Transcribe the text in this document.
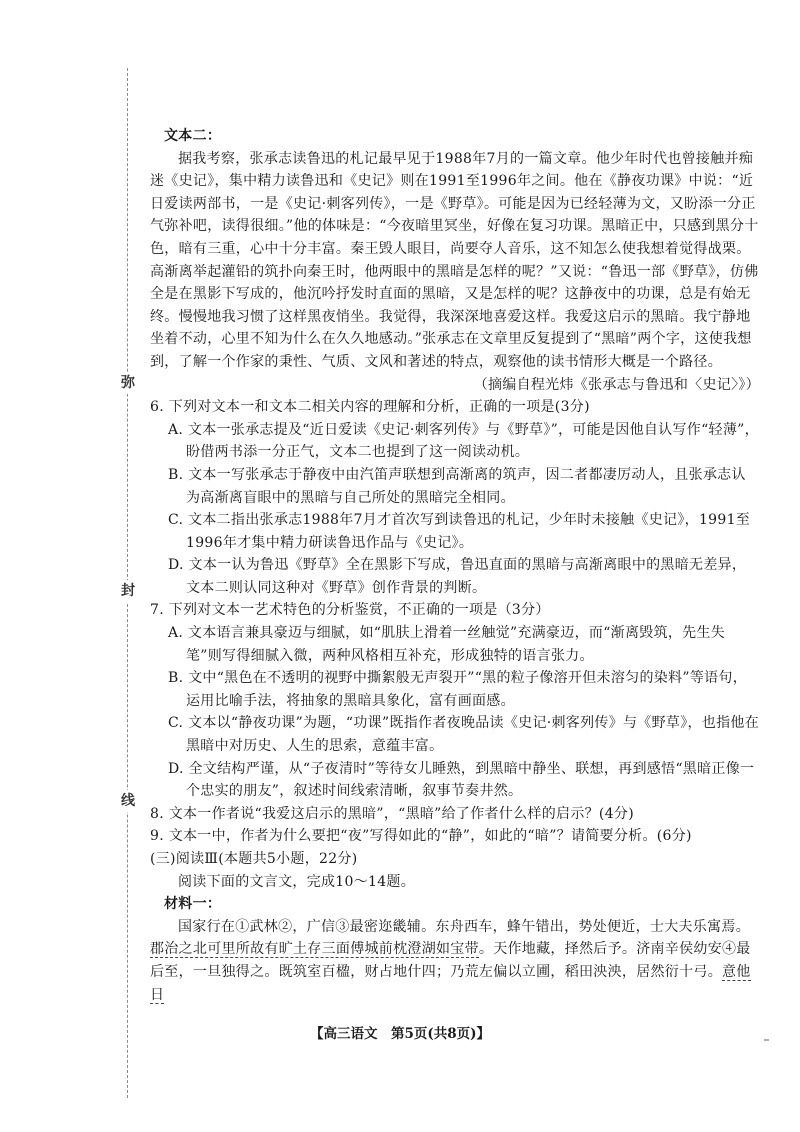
弥
封
线

文本二：

据我考察，张承志读鲁迅的札记最早见于1988年7月的一篇文章。他少年时代也曾接触并痴迷《史记》，集中精力读鲁迅和《史记》则在1991至1996年之间。他在《静夜功课》中说：“近日爱读两部书，一是《史记·刺客列传》，一是《野草》。可能是因为已经轻薄为文，又盼添一分正气弥补吧，读得很细。”他的体味是：“今夜暗里冥坐，好像在复习功课。黑暗正中，只感到黑分十色，暗有三重，心中十分丰富。秦王毁人眼目，尚要夺人音乐，这不知怎么使我想着觉得战栗。高渐离举起灌铅的筑扑向秦王时，他两眼中的黑暗是怎样的呢？”又说：“鲁迅一部《野草》，仿佛全是在黑影下写成的，他沉吟抒发时直面的黑暗，又是怎样的呢？这静夜中的功课，总是有始无终。慢慢地我习惯了这样黑夜悄坐。我觉得，我深深地喜爱这样。我爱这启示的黑暗。我宁静地坐着不动，心里不知为什么在久久地感动。”张承志在文章里反复提到了“黑暗”两个字，这使我想到，了解一个作家的秉性、气质、文风和著述的特点，观察他的读书情形大概是一个路径。

（摘编自程光炜《张承志与鲁迅和〈史记〉》）

6. 下列对文本一和文本二相关内容的理解和分析，正确的一项是(3分)

A. 文本一张承志提及“近日爱读《史记·刺客列传》与《野草》”，可能是因他自认写作“轻薄”，盼借两书添一分正气，文本二也提到了这一阅读动机。

B. 文本一写张承志于静夜中由汽笛声联想到高渐离的筑声，因二者都凄厉动人，且张承志认为高渐离盲眼中的黑暗与自己所处的黑暗完全相同。

C. 文本二指出张承志1988年7月才首次写到读鲁迅的札记，少年时未接触《史记》，1991至1996年才集中精力研读鲁迅作品与《史记》。

D. 文本一认为鲁迅《野草》全在黑影下写成，鲁迅直面的黑暗与高渐离眼中的黑暗无差异，文本二则认同这种对《野草》创作背景的判断。

7. 下列对文本一艺术特色的分析鉴赏，不正确的一项是（3分）

A. 文本语言兼具豪迈与细腻，如“肌肤上滑着一丝触觉”充满豪迈，而“渐离毁筑，先生失笔”则写得细腻入微，两种风格相互补充，形成独特的语言张力。

B. 文中“黑色在不透明的视野中撕絮般无声裂开”“黑的粒子像溶开但未溶匀的染料”等语句，运用比喻手法，将抽象的黑暗具象化，富有画面感。

C. 文本以“静夜功课”为题，“功课”既指作者夜晚品读《史记·刺客列传》与《野草》，也指他在黑暗中对历史、人生的思索，意蕴丰富。

D. 全文结构严谨，从“子夜清时”等待女儿睡熟，到黑暗中静坐、联想，再到感悟“黑暗正像一个忠实的朋友”，叙述时间线索清晰，叙事节奏井然。

8. 文本一作者说“我爱这启示的黑暗”，“黑暗”给了作者什么样的启示？(4分)

9. 文本一中，作者为什么要把“夜”写得如此的“静”，如此的“暗”？请简要分析。(6分)

(三)阅读Ⅲ(本题共5小题，22分)

阅读下面的文言文，完成10～14题。

材料一：

国家行在①武林②，广信③最密迩畿辅。东舟西车，蜂午错出，势处便近，士大夫乐寓焉。郡治之北可里所故有旷土存三面傅城前枕澄湖如宝带。天作地藏，择然后予。济南辛侯幼安④最后至，一旦独得之。既筑室百楹，财占地什四；乃荒左偏以立圃，稻田泱泱，居然衍十弓。意他日

【高三语文　第5页(共8页)】	‗
